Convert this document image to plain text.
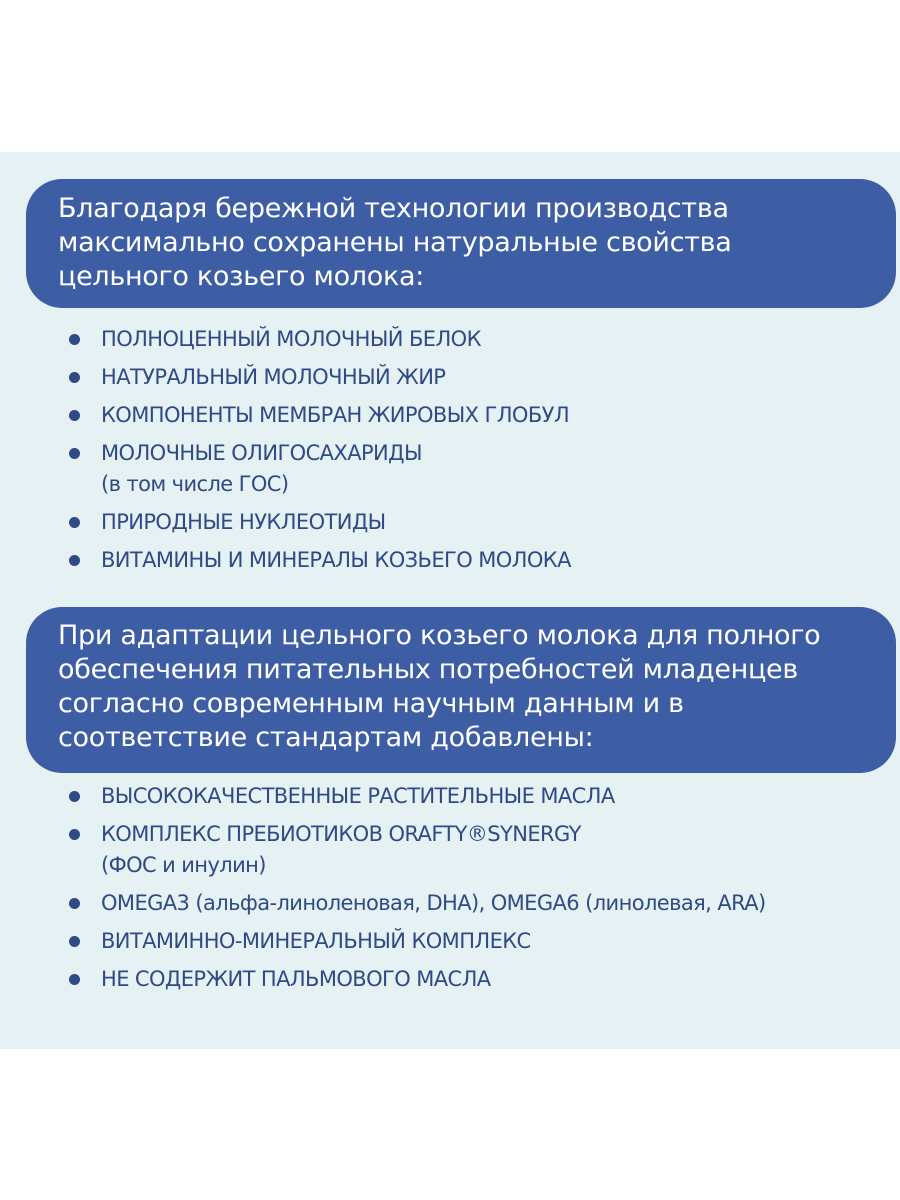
Благодаря бережной технологии производства

максимально сохранены натуральные свойства

цельного козьего молока:

ПОЛНОЦЕННЫЙ МОЛОЧНЫЙ БЕЛОК
НАТУРАЛЬНЫЙ МОЛОЧНЫЙ ЖИР
КОМПОНЕНТЫ МЕМБРАН ЖИРОВЫХ ГЛОБУЛ
МОЛОЧНЫЕ ОЛИГОСАХАРИДЫ
(в том числе ГОС)
ПРИРОДНЫЕ НУКЛЕОТИДЫ
ВИТАМИНЫ И МИНЕРАЛЫ КОЗЬЕГО МОЛОКА

При адаптации цельного козьего молока для полного

обеспечения питательных потребностей младенцев

согласно современным научным данным и в

соответствие стандартам добавлены:

ВЫСОКОКАЧЕСТВЕННЫЕ РАСТИТЕЛЬНЫЕ МАСЛА
КОМПЛЕКС ПРЕБИОТИКОВ ORAFTY®SYNERGY
(ФОС и инулин)
OMEGA3 (альфа-линоленовая, DHA), OMEGA6 (линолевая, ARA)
ВИТАМИННО-МИНЕРАЛЬНЫЙ КОМПЛЕКС
НЕ СОДЕРЖИТ ПАЛЬМОВОГО МАСЛА
